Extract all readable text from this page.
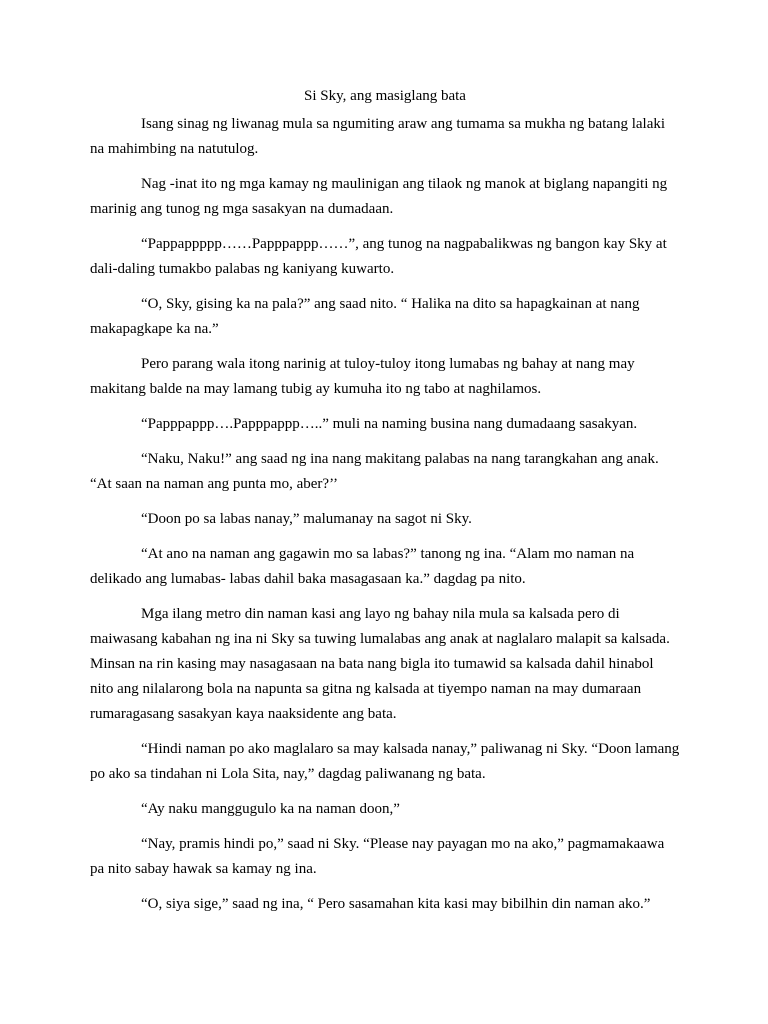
Si Sky, ang masiglang bata

Isang sinag ng liwanag mula sa ngumiting araw ang tumama sa mukha ng batang lalaki na mahimbing na natutulog.

Nag -inat ito ng mga kamay ng maulinigan ang tilaok ng manok at biglang napangiti ng marinig ang tunog ng mga sasakyan na dumadaan.

“Pappappppp……Papppappp……”, ang tunog na nagpabalikwas ng bangon kay Sky at dali-daling tumakbo palabas ng kaniyang kuwarto.

“O, Sky, gising ka na pala?” ang saad nito. “ Halika na dito sa hapagkainan at nang makapagkape ka na.”

Pero parang wala itong narinig at tuloy-tuloy itong lumabas ng bahay at nang may makitang balde na may lamang tubig ay kumuha ito ng tabo at naghilamos.

“Papppappp….Papppappp…..” muli na naming busina nang dumadaang sasakyan.

“Naku, Naku!” ang saad ng ina nang makitang palabas na nang tarangkahan ang anak.

“At saan na naman ang punta mo, aber?’’

“Doon po sa labas nanay,” malumanay na sagot ni Sky.

“At ano na naman ang gagawin mo sa labas?” tanong ng ina. “Alam mo naman na delikado ang lumabas- labas dahil baka masagasaan ka.” dagdag pa nito.

Mga ilang metro din naman kasi ang layo ng bahay nila mula sa kalsada pero di maiwasang kabahan ng ina ni Sky sa tuwing lumalabas ang anak at naglalaro malapit sa kalsada. Minsan na rin kasing may nasagasaan na bata nang bigla ito tumawid sa kalsada dahil hinabol nito ang nilalarong bola na napunta sa gitna ng kalsada at tiyempo naman na may dumaraan rumaragasang sasakyan kaya naaksidente ang bata.

“Hindi naman po ako maglalaro sa may kalsada nanay,” paliwanag ni Sky. “Doon lamang po ako sa tindahan ni Lola Sita, nay,” dagdag paliwanang ng bata.

“Ay naku manggugulo ka na naman doon,”

“Nay, pramis hindi po,” saad ni Sky. “Please nay payagan mo na ako,” pagmamakaawa pa nito sabay hawak sa kamay ng ina.

“O, siya sige,” saad ng ina, “ Pero sasamahan kita kasi may bibilhin din naman ako.”
